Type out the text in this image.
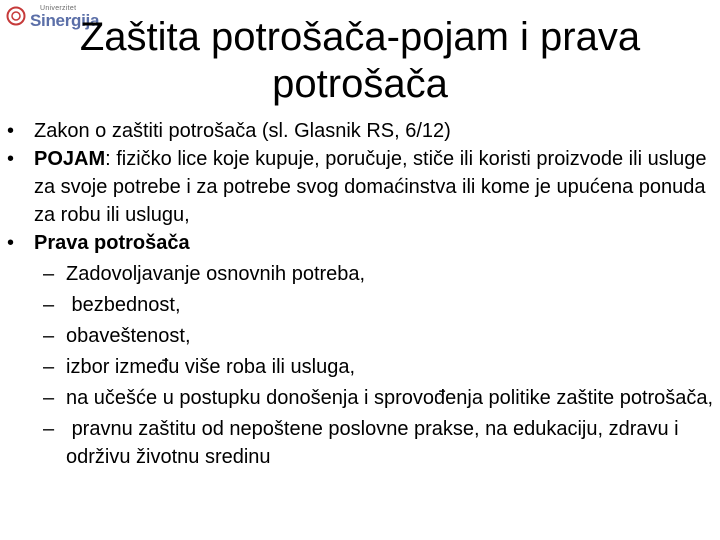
Univerzitet
Sinergija
Zaštita potrošača-pojam i prava
potrošača
• Zakon o zaštiti potrošača (sl. Glasnik RS, 6/12)
• POJAM: fizičko lice koje kupuje, poručuje, stiče ili koristi proizvode ili usluge za svoje potrebe i za potrebe svog domaćinstva ili kome je upućena ponuda za robu ili uslugu,
• Prava potrošača
– Zadovoljavanje osnovnih potreba,
– bezbednost,
– obaveštenost,
– izbor između više roba ili usluga,
– na učešće u postupku donošenja i sprovođenja politike zaštite potrošača,
– pravnu zaštitu od nepoštene poslovne prakse, na edukaciju, zdravu i održivu životnu sredinu
